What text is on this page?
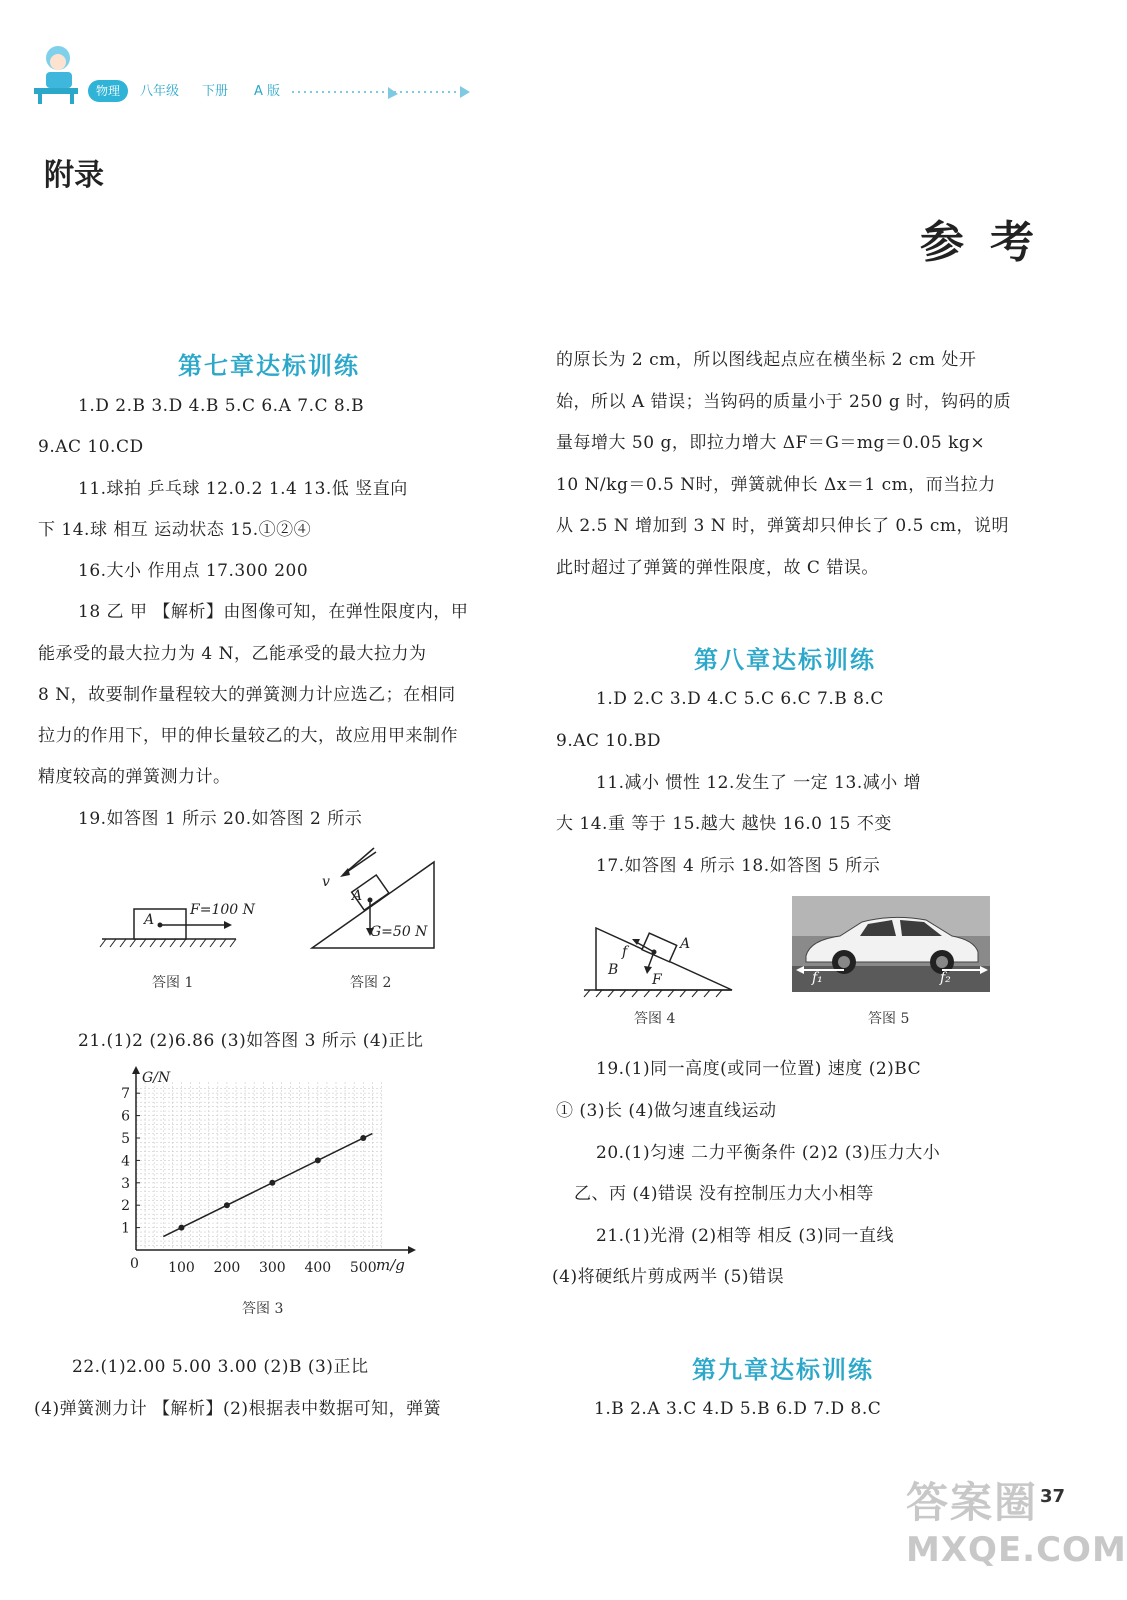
物理	八年级 下册 A 版
附录
参考
第七章达标训练
1.D 2.B 3.D 4.B 5.C 6.A 7.C 8.B
9.AC 10.CD
11.球拍 乒乓球 12.0.2 1.4 13.低 竖直向
下 14.球 相互 运动状态 15.①②④
16.大小 作用点 17.300 200
18 乙 甲 【解析】由图像可知，在弹性限度内，甲
能承受的最大拉力为 4 N，乙能承受的最大拉力为
8 N，故要制作量程较大的弹簧测力计应选乙；在相同
拉力的作用下，甲的伸长量较乙的大，故应用甲来制作
精度较高的弹簧测力计。
19.如答图 1 所示 20.如答图 2 所示
A
F=100 N
答图 1
v
A
G=50 N
答图 2
21.(1)2 (2)6.86 (3)如答图 3 所示 (4)正比
100 200 300 400 500
1
2
3
4
5
6
7
G/N
m/g
0
答图 3
22.(1)2.00 5.00 3.00 (2)B (3)正比
(4)弹簧测力计 【解析】(2)根据表中数据可知，弹簧
的原长为 2 cm，所以图线起点应在横坐标 2 cm 处开
始，所以 A 错误；当钩码的质量小于 250 g 时，钩码的质
量每增大 50 g，即拉力增大 ΔF＝G＝mg＝0.05 kg×
10 N/kg＝0.5 N时，弹簧就伸长 Δx＝1 cm，而当拉力
从 2.5 N 增加到 3 N 时，弹簧却只伸长了 0.5 cm，说明
此时超过了弹簧的弹性限度，故 C 错误。
第八章达标训练
1.D 2.C 3.D 4.C 5.C 6.C 7.B 8.C
9.AC 10.BD
11.减小 惯性 12.发生了 一定 13.减小 增
大 14.重 等于 15.越大 越快 16.0 15 不变
17.如答图 4 所示 18.如答图 5 所示
f	A
B
F
答图 4
f₁	f₂
答图 5
19.(1)同一高度(或同一位置) 速度 (2)BC
① (3)长 (4)做匀速直线运动
20.(1)匀速 二力平衡条件 (2)2 (3)压力大小
乙、丙 (4)错误 没有控制压力大小相等
21.(1)光滑 (2)相等 相反 (3)同一直线
(4)将硬纸片剪成两半 (5)错误
第九章达标训练
1.B 2.A 3.C 4.D 5.B 6.D 7.D 8.C
37
答案圈
MXQE.COM
